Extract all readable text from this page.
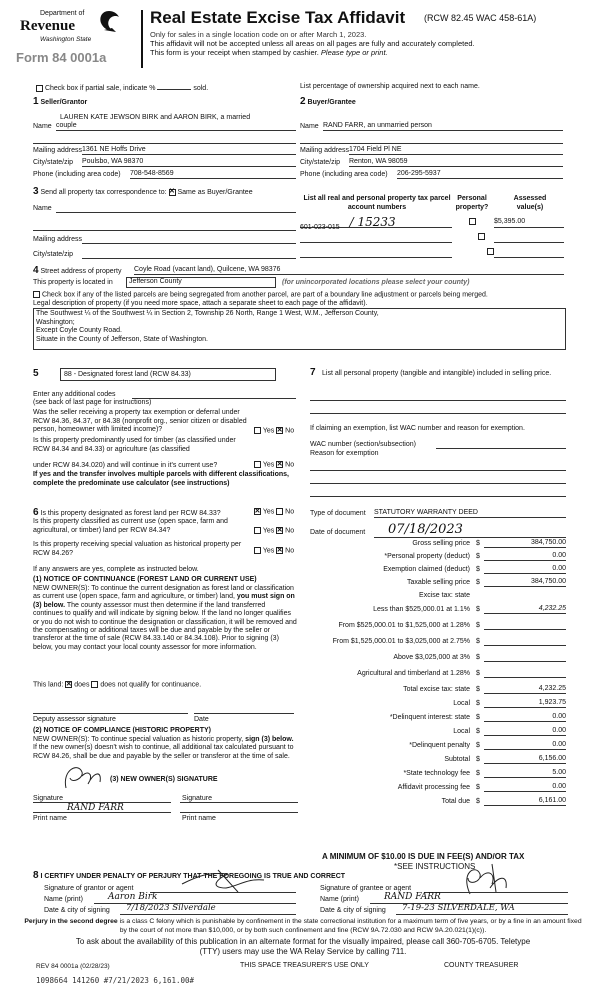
Department of
Revenue
Washington State
Form 84 0001a
Real Estate Excise Tax Affidavit (RCW 82.45 WAC 458-61A)
Only for sales in a single location code on or after March 1, 2023.
This affidavit will not be accepted unless all areas on all pages are fully and accurately completed.
This form is your receipt when stamped by cashier. Please type or print.
Check box if partial sale, indicate %	sold.	List percentage of ownership acquired next to each name.
1 Seller/Grantor
LAUREN KATE JEWSON BIRK and AARON BIRK, a married
Name couple
Mailing address 1361 NE Hoffs Drive
City/state/zip Poulsbo, WA 98370
Phone (including area code) 708-548-8569
2 Buyer/Grantee
Name RAND FARR, an unmarried person
Mailing address 1704 Field Pl NE
City/state/zip Renton, WA 98059
Phone (including area code) 206-295-5937
3 Send all property tax correspondence to: ✕ Same as Buyer/Grantee
Name
Mailing address
City/state/zip
List all real and personal property tax parcel account numbers
Personal property?
Assessed value(s)
601-023-015 / 15233
	$5,395.00

4 Street address of property Coyle Road (vacant land), Quilcene, WA 98376
This property is located in	Jefferson County	(for unincorporated locations please select your county)
Check box if any of the listed parcels are being segregated from another parcel, are part of a boundary line adjustment or parcels being merged.
Legal description of property (if you need more space, attach a separate sheet to each page of the affidavit).
The Southwest ¼ of the Southwest ¼ in Section 2, Township 26 North, Range 1 West, W.M., Jefferson County,
Washington;
Except Coyle County Road.
Situate in the County of Jefferson, State of Washington.
5	88 - Designated forest land (RCW 84.33)
Enter any additional codes
(see back of last page for instructions)
Was the seller receiving a property tax exemption or deferral under RCW 84.36, 84.37, or 84.38 (nonprofit org., senior citizen or disabled person, homeowner with limited income)?	Yes ✕ No
Is this property predominantly used for timber (as classified under RCW 84.34 and 84.33) or agriculture (as classified
under RCW 84.34.020) and will continue in it's current use?	Yes ✕ No
If yes and the transfer involves multiple parcels with different classifications, complete the predominate use calculator (see instructions)
6 Is this property designated as forest land per RCW 84.33? ✕	Yes No
Is this property classified as current use (open space, farm and agricultural, or timber) land per RCW 84.34?	Yes ✕ No
Is this property receiving special valuation as historical property per RCW 84.26?	Yes ✕ No
If any answers are yes, complete as instructed below.
(1) NOTICE OF CONTINUANCE (FOREST LAND OR CURRENT USE)
NEW OWNER(S): To continue the current designation as forest land or classification as current use (open space, farm and agriculture, or timber) land, you must sign on (3) below. The county assessor must then determine if the land transferred continues to qualify and will indicate by signing below. If the land no longer qualifies or you do not wish to continue the designation or classification, it will be removed and the compensating or additional taxes will be due and payable by the seller or transferor at the time of sale (RCW 84.33.140 or 84.34.108). Prior to signing (3) below, you may contact your local county assessor for more information.
This land: ✕ does does not qualify for continuance.
Deputy assessor signature	Date
(2) NOTICE OF COMPLIANCE (HISTORIC PROPERTY)
NEW OWNER(S): To continue special valuation as historic property, sign (3) below. If the new owner(s) doesn't wish to continue, all additional tax calculated pursuant to RCW 84.26, shall be due and payable by the seller or transferor at the time of sale.
(3) NEW OWNER(S) SIGNATURE
Signature	Signature
RAND FARR
Print name	Print name
7 List all personal property (tangible and intangible) included in selling price.
If claiming an exemption, list WAC number and reason for exemption.
WAC number (section/subsection)
Reason for exemption
Type of document STATUTORY WARRANTY DEED
Date of document	07/18/2023
Gross selling price $	384,750.00
*Personal property (deduct) $	0.00
Exemption claimed (deduct) $	0.00
Taxable selling price $	384,750.00
Excise tax: state
Less than $525,000.01 at 1.1% $	4,232.25
From $525,000.01 to $1,525,000 at 1.28% $
From $1,525,000.01 to $3,025,000 at 2.75% $
Above $3,025,000 at 3% $
Agricultural and timberland at 1.28% $
Total excise tax: state $	4,232.25
Local $	1,923.75
*Delinquent interest: state $	0.00
Local $	0.00
*Delinquent penalty $	0.00
Subtotal $	6,156.00
*State technology fee $	5.00
Affidavit processing fee $	0.00
Total due $	6,161.00
A MINIMUM OF $10.00 IS DUE IN FEE(S) AND/OR TAX
*SEE INSTRUCTIONS
8 I CERTIFY UNDER PENALTY OF PERJURY THAT THE FOREGOING IS TRUE AND CORRECT
Signature of grantor or agent
Name (print)	Aaron Birk
Date & city of signing	7/18/2023 Silverdale
Signature of grantee or agent
Name (print)	RAND FARR
Date & city of signing	7-19-23 SILVERDALE, WA
Perjury in the second degree is a class C felony which is punishable by confinement in the state correctional institution for a maximum term of five years, or by a fine in an amount fixed by the court of not more than $10,000, or by both such confinement and fine (RCW 9A.72.030 and RCW 9A.20.021(1)(c)).
To ask about the availability of this publication in an alternate format for the visually impaired, please call 360-705-6705. Teletype
(TTY) users may use the WA Relay Service by calling 711.
REV 84 0001a (02/28/23)	THIS SPACE TREASURER'S USE ONLY	COUNTY TREASURER
1098664 141260 #7/21/2023 6,161.00#
